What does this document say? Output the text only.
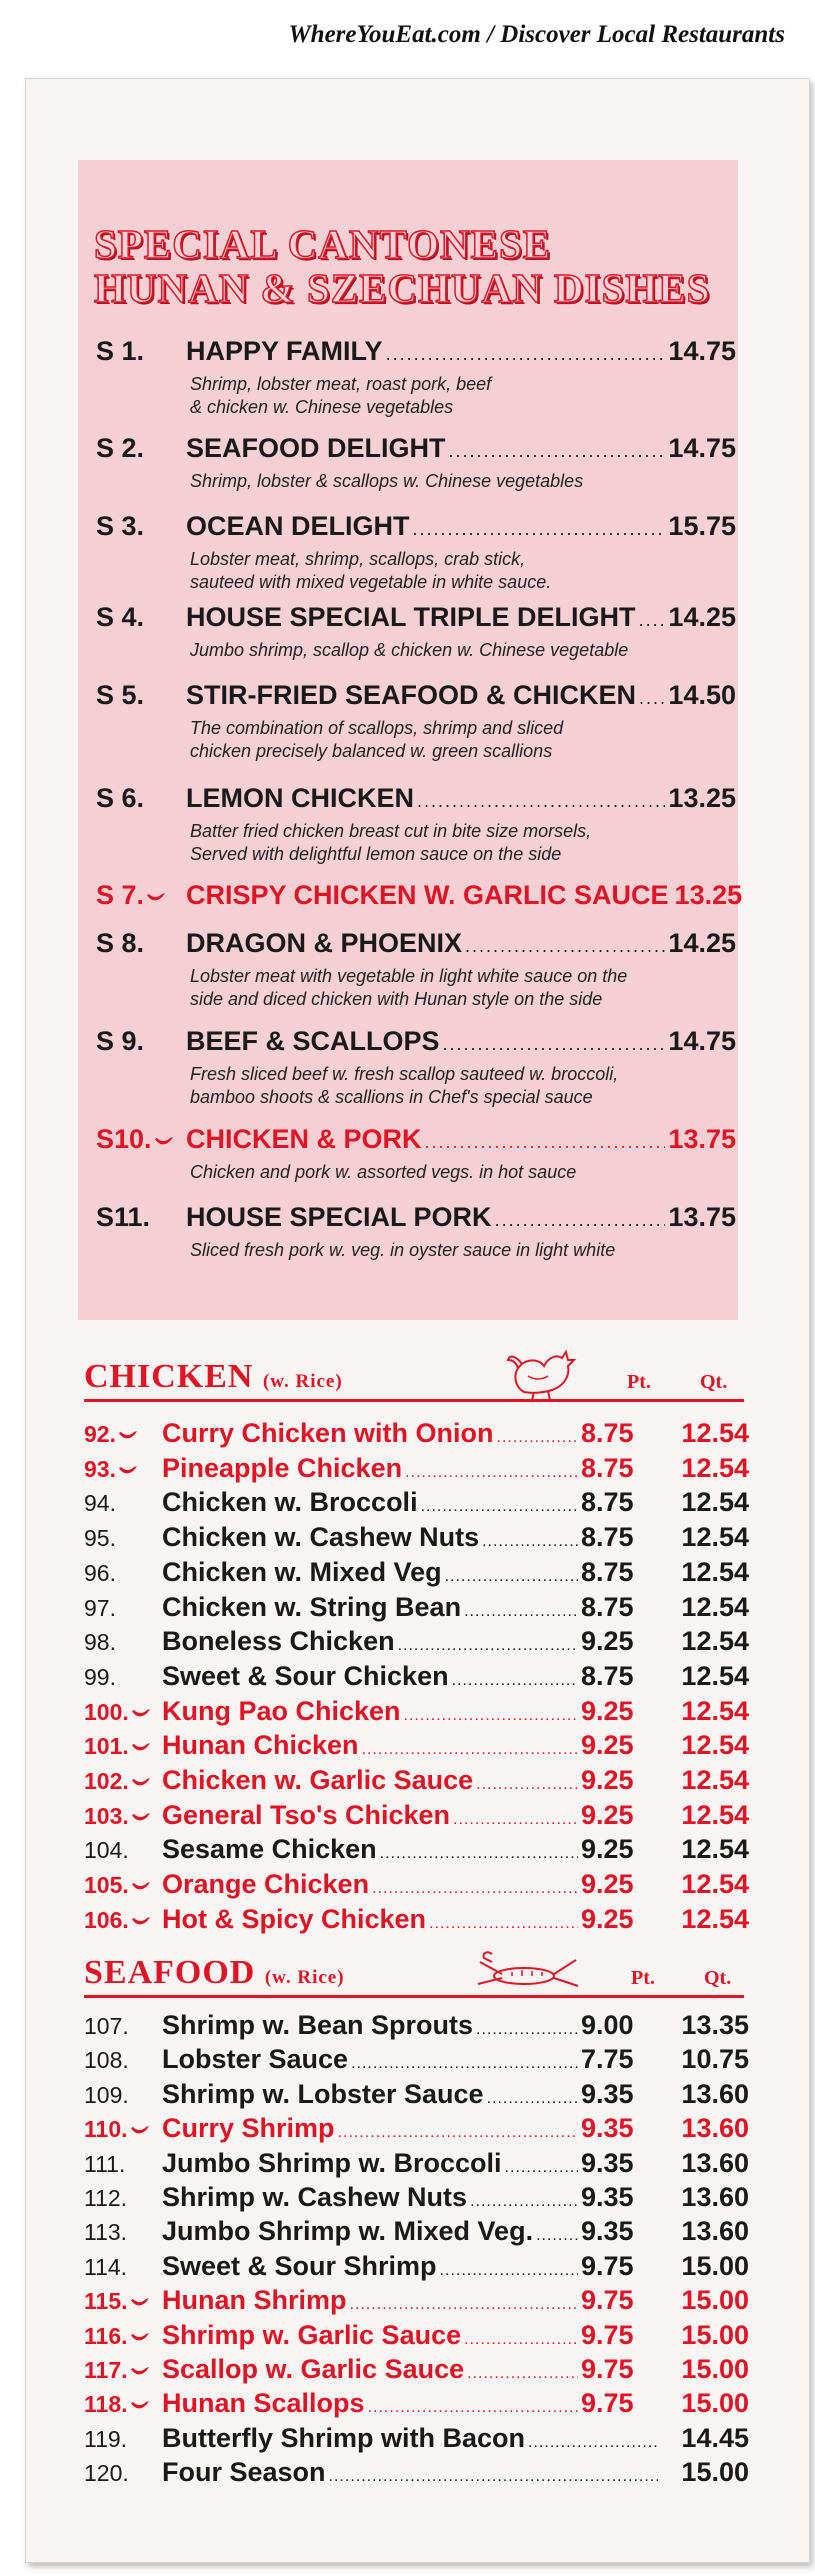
WhereYouEat.com / Discover Local Restaurants
SPECIAL CANTONESE
HUNAN & SZECHUAN DISHES
S 1. HAPPY FAMILY .....	14.75
Shrimp, lobster meat, roast pork, beef
& chicken w. Chinese vegetables
S 2. SEAFOOD DELIGHT .....	14.75
Shrimp, lobster & scallops w. Chinese vegetables
S 3. OCEAN DELIGHT .....	15.75
Lobster meat, shrimp, scallops, crab stick,
sauteed with mixed vegetable in white sauce.
S 4. HOUSE SPECIAL TRIPLE DELIGHT ..... 14.25
Jumbo shrimp, scallop & chicken w. Chinese vegetable
S 5. STIR-FRIED SEAFOOD & CHICKEN ..... 14.50
The combination of scallops, shrimp and sliced
chicken precisely balanced w. green scallions
S 6. LEMON CHICKEN .....	13.25
Batter fried chicken breast cut in bite size morsels,
Served with delightful lemon sauce on the side
S 7. CRISPY CHICKEN W. GARLIC SAUCE 13.25
S 8. DRAGON & PHOENIX .....	14.25
Lobster meat with vegetable in light white sauce on the
side and diced chicken with Hunan style on the side
S 9. BEEF & SCALLOPS .....	14.75
Fresh sliced beef w. fresh scallop sauteed w. broccoli,
bamboo shoots & scallions in Chef's special sauce
S10. CHICKEN & PORK .....	13.75
Chicken and pork w. assorted vegs. in hot sauce
S11. HOUSE SPECIAL PORK .....	13.75
Sliced fresh pork w. veg. in oyster sauce in light white
CHICKEN (w. Rice)	Pt. Qt.
92. Curry Chicken with Onion .....	8.75	12.54
93. Pineapple Chicken .....	8.75	12.54
94. Chicken w. Broccoli .....	8.75	12.54
95. Chicken w. Cashew Nuts .....	8.75	12.54
96. Chicken w. Mixed Veg .....	8.75	12.54
97. Chicken w. String Bean .....	8.75	12.54
98. Boneless Chicken .....	9.25	12.54
99. Sweet & Sour Chicken .....	8.75	12.54
100. Kung Pao Chicken .....	9.25	12.54
101. Hunan Chicken .....	9.25	12.54
102. Chicken w. Garlic Sauce .....	9.25	12.54
103. General Tso's Chicken .....	9.25	12.54
104. Sesame Chicken .....	9.25	12.54
105. Orange Chicken .....	9.25	12.54
106. Hot & Spicy Chicken .....	9.25	12.54
SEAFOOD (w. Rice)	Pt. Qt.
107. Shrimp w. Bean Sprouts .....	9.00	13.35
108. Lobster Sauce .....	7.75	10.75
109. Shrimp w. Lobster Sauce .....	9.35	13.60
110. Curry Shrimp .....	9.35	13.60
111. Jumbo Shrimp w. Broccoli .....	9.35	13.60
112. Shrimp w. Cashew Nuts .....	9.35	13.60
113. Jumbo Shrimp w. Mixed Veg. ..... 9.35	13.60
114. Sweet & Sour Shrimp .....	9.75	15.00
115. Hunan Shrimp .....	9.75	15.00
116. Shrimp w. Garlic Sauce .....	9.75	15.00
117. Scallop w. Garlic Sauce .....	9.75	15.00
118. Hunan Scallops .....	9.75	15.00
119. Butterfly Shrimp with Bacon .....	14.45
120. Four Season .....	15.00
